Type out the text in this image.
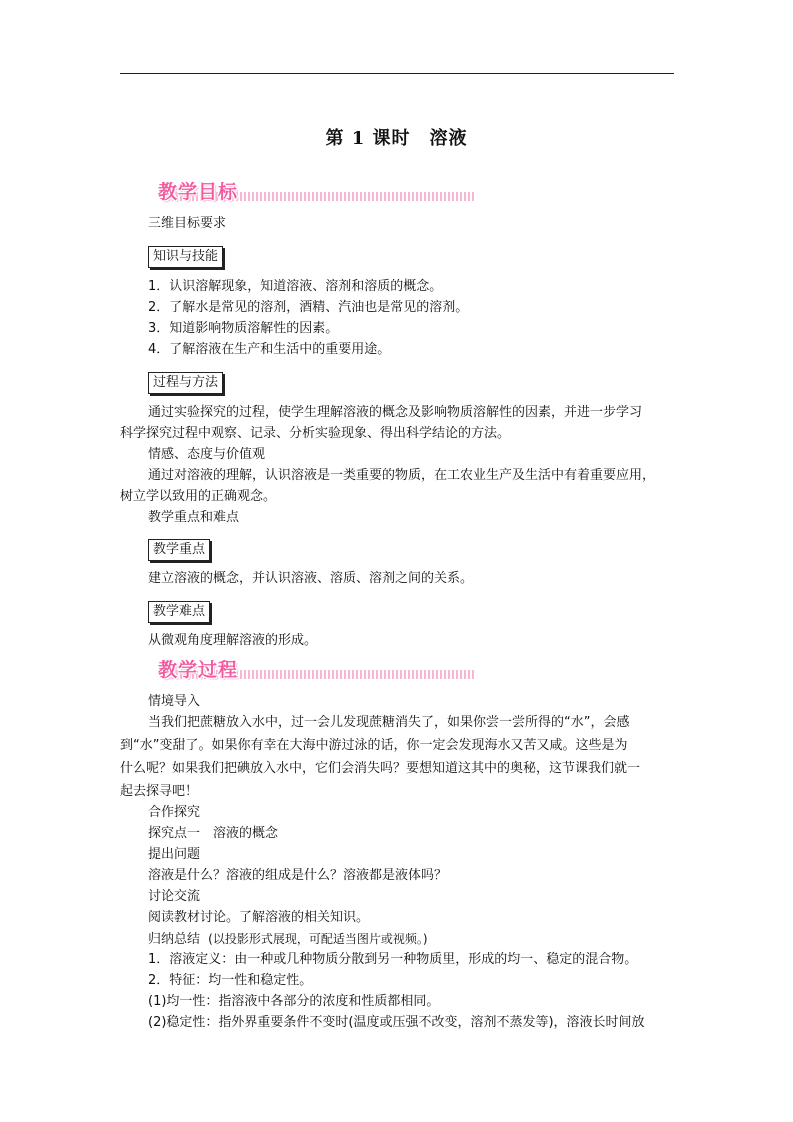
第 1 课时　溶液
教学目标
三维目标要求
知识与技能
1．认识溶解现象，知道溶液、溶剂和溶质的概念。
2．了解水是常见的溶剂，酒精、汽油也是常见的溶剂。
3．知道影响物质溶解性的因素。
4．了解溶液在生产和生活中的重要用途。
过程与方法
通过实验探究的过程，使学生理解溶液的概念及影响物质溶解性的因素，并进一步学习
科学探究过程中观察、记录、分析实验现象、得出科学结论的方法。
情感、态度与价值观
通过对溶液的理解，认识溶液是一类重要的物质，在工农业生产及生活中有着重要应用，
树立学以致用的正确观念。
教学重点和难点
教学重点
建立溶液的概念，并认识溶液、溶质、溶剂之间的关系。
教学难点
从微观角度理解溶液的形成。
教学过程
情境导入
当我们把蔗糖放入水中，过一会儿发现蔗糖消失了，如果你尝一尝所得的“水”，会感
到“水”变甜了。如果你有幸在大海中游过泳的话，你一定会发现海水又苦又咸。这些是为
什么呢？如果我们把碘放入水中，它们会消失吗？要想知道这其中的奥秘，这节课我们就一
起去探寻吧！
合作探究
探究点一　溶液的概念
提出问题
溶液是什么？溶液的组成是什么？溶液都是液体吗？
讨论交流
阅读教材讨论。了解溶液的相关知识。
归纳总结 (以投影形式展现，可配适当图片或视频。)
1．溶液定义：由一种或几种物质分散到另一种物质里，形成的均一、稳定的混合物。
2．特征：均一性和稳定性。
(1)均一性：指溶液中各部分的浓度和性质都相同。
(2)稳定性：指外界重要条件不变时(温度或压强不改变，溶剂不蒸发等)，溶液长时间放
